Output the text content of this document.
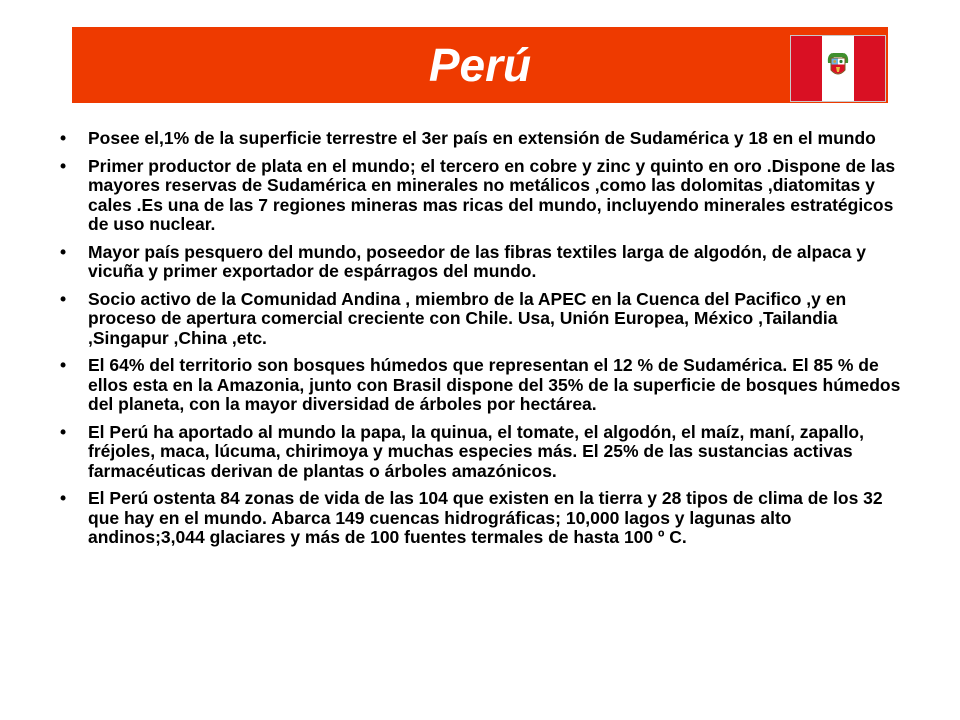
Perú
• Posee el,1% de la superficie terrestre el 3er país en extensión de Sudamérica y 18 en el mundo
• Primer productor de plata en el mundo; el tercero en cobre y zinc y quinto en oro .Dispone de las mayores reservas de Sudamérica en minerales no metálicos ,como las dolomitas ,diatomitas y cales .Es una de las 7 regiones mineras mas ricas del mundo, incluyendo minerales estratégicos de uso nuclear.
• Mayor país pesquero del mundo, poseedor de las fibras textiles larga de algodón, de alpaca y vicuña y primer exportador de espárragos del mundo.
• Socio activo de la Comunidad Andina , miembro de la APEC en la Cuenca del Pacifico ,y en proceso de apertura comercial creciente con Chile. Usa, Unión Europea, México ,Tailandia ,Singapur ,China ,etc.
• El 64% del territorio son bosques húmedos que representan el 12 % de Sudamérica. El 85 % de ellos esta en la Amazonia, junto con Brasil dispone del 35% de la superficie de bosques húmedos del planeta, con la mayor diversidad de árboles por hectárea.
• El Perú ha aportado al mundo la papa, la quinua, el tomate, el algodón, el maíz, maní, zapallo, fréjoles, maca, lúcuma, chirimoya y muchas especies más. El 25% de las sustancias activas farmacéuticas derivan de plantas o árboles amazónicos.
• El Perú ostenta 84 zonas de vida de las 104 que existen en la tierra y 28 tipos de clima de los 32 que hay en el mundo. Abarca 149 cuencas hidrográficas; 10,000 lagos y lagunas alto andinos;3,044 glaciares y más de 100 fuentes termales de hasta 100 º C.
